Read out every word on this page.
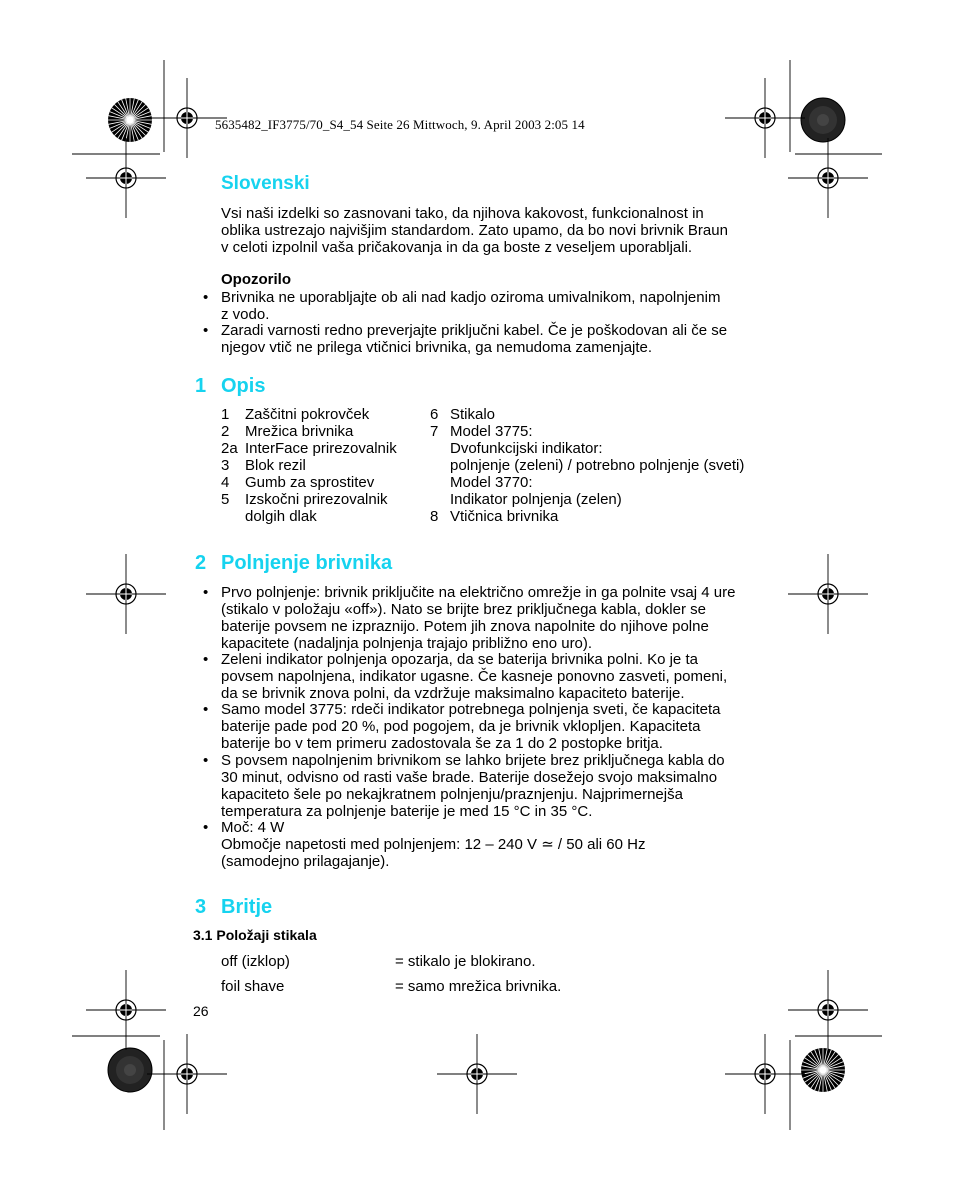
5635482_IF3775/70_S4_54 Seite 26 Mittwoch, 9. April 2003 2:05 14
Slovenski
Vsi naši izdelki so zasnovani tako, da njihova kakovost, funkcionalnost in
oblika ustrezajo najvišjim standardom. Zato upamo, da bo novi brivnik Braun
v celoti izpolnil vaša pričakovanja in da ga boste z veseljem uporabljali.
Opozorilo
• Brivnika ne uporabljajte ob ali nad kadjo oziroma umivalnikom, napolnjenim
z vodo.
• Zaradi varnosti redno preverjajte priključni kabel. Če je poškodovan ali če se
njegov vtič ne prilega vtičnici brivnika, ga nemudoma zamenjajte.
1 Opis
1 Zaščitni pokrovček
2 Mrežica brivnika
2a InterFace prirezovalnik
3 Blok rezil
4 Gumb za sprostitev
5 Izskočni prirezovalnik
dolgih dlak
6 Stikalo
7 Model 3775:
Dvofunkcijski indikator:
polnjenje (zeleni) / potrebno polnjenje (sveti)
Model 3770:
Indikator polnjenja (zelen)
8 Vtičnica brivnika
2 Polnjenje brivnika
• Prvo polnjenje: brivnik priključite na električno omrežje in ga polnite vsaj 4 ure
(stikalo v položaju «off»). Nato se brijte brez priključnega kabla, dokler se
baterije povsem ne izpraznijo. Potem jih znova napolnite do njihove polne
kapacitete (nadaljnja polnjenja trajajo približno eno uro).
• Zeleni indikator polnjenja opozarja, da se baterija brivnika polni. Ko je ta
povsem napolnjena, indikator ugasne. Če kasneje ponovno zasveti, pomeni,
da se brivnik znova polni, da vzdržuje maksimalno kapaciteto baterije.
• Samo model 3775: rdeči indikator potrebnega polnjenja sveti, če kapaciteta
baterije pade pod 20 %, pod pogojem, da je brivnik vklopljen. Kapaciteta
baterije bo v tem primeru zadostovala še za 1 do 2 postopke britja.
• S povsem napolnjenim brivnikom se lahko brijete brez priključnega kabla do
30 minut, odvisno od rasti vaše brade. Baterije dosežejo svojo maksimalno
kapaciteto šele po nekajkratnem polnjenju/praznjenju. Najprimernejša
temperatura za polnjenje baterije je med 15 °C in 35 °C.
• Moč: 4 W
Območje napetosti med polnjenjem: 12 – 240 V ≃ / 50 ali 60 Hz
(samodejno prilagajanje).
3 Britje
3.1 Položaji stikala
off (izklop)	= stikalo je blokirano.
foil shave	= samo mrežica brivnika.
26
